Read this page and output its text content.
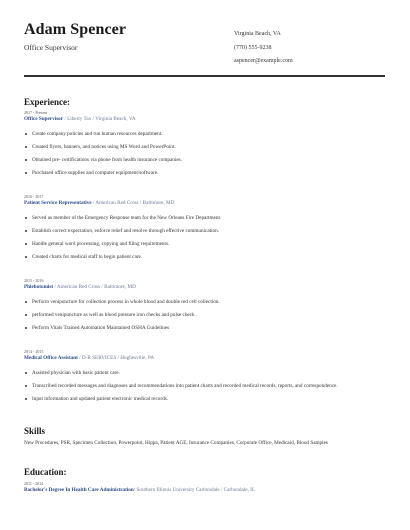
Adam Spencer
Office Supervisor
Virginia Beach, VA
(770) 555-9238
aspencer@example.com
Experience:
2017 - Present
Office Supervisor / Liberty Tax / Virginia Beach, VA
Create company policies and run human resources department.
Created flyers, banners, and notices using MS Word and PowerPoint.
Obtained pre- certifications via phone from health insurance companies.
Purchased office supplies and computer equipment/software.
2016 - 2017
Patient Service Representative / American Red Cross / Baltimore, MD
Served as member of the Emergency Response team for the New Orleans Fire Department.
Establish correct expectation, enforce relief and resolve through effective communication.
Handle general word processing, copying and filing requirements.
Created charts for medical staff to begin patient care.
2015 - 2016
Phlebotomist / American Red Cross / Baltimore, MD
Perform venipuncture for collection process in whole blood and double red cell collection.
performed venipuncture as well as blood pressure iron checks and pulse check .
Perform Vitals Trained Automation Maintained OSHA Guidelines
2014 - 2015
Medical Office Assistant / D-R SERVICES / Hughesville, PA
Assisted physician with basic patient care.
Transcribed recorded messages and diagnoses and recommendations into patient charts and recorded medical records, reports, and correspondence.
Input information and updated patient electronic medical records.
Skills
New Procedures, PSR, Specimen Collection, Powerpoint, Hippa, Patient AGE, Insurance Companies, Corporate Office, Medicaid, Blood Samples
Education:
2011 - 2014
Bachelor's Degree In Health Care Administration/ Southern Illinois University Carbondale / Carbondale, IL
